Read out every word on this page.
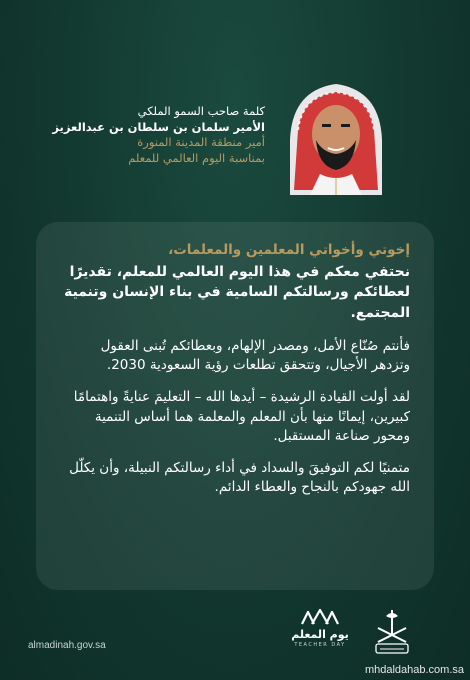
كلمة صاحب السمو الملكي
الأمير سلمان بن سلطان بن عبدالعزيز
أمير منطقة المدينة المنورة
بمناسبة اليوم العالمي للمعلم

إخوتي وأخواتي المعلمين والمعلمات،

نحتفي معكم في هذا اليوم العالمي للمعلم، تقديرًا لعطائكم ورسالتكم السامية في بناء الإنسان وتنمية المجتمع.

فأنتم صُنّاع الأمل، ومصدر الإلهام، وبعطائكم تُبنى العقول وتزدهر الأجيال، وتتحقق تطلعات رؤية السعودية 2030.

لقد أولت القيادة الرشيدة – أيدها الله – التعليمَ عنايةً واهتمامًا كبيرين، إيمانًا منها بأن المعلم والمعلمة هما أساس التنمية ومحور صناعة المستقبل.

متمنيًا لكم التوفيقَ والسداد في أداء رسالتكم النبيلة، وأن يكلّل الله جهودكم بالنجاح والعطاء الدائم.

almadinah.gov.sa
يوم المعلم
TEACHER DAY
mhdaldahab.com.sa
